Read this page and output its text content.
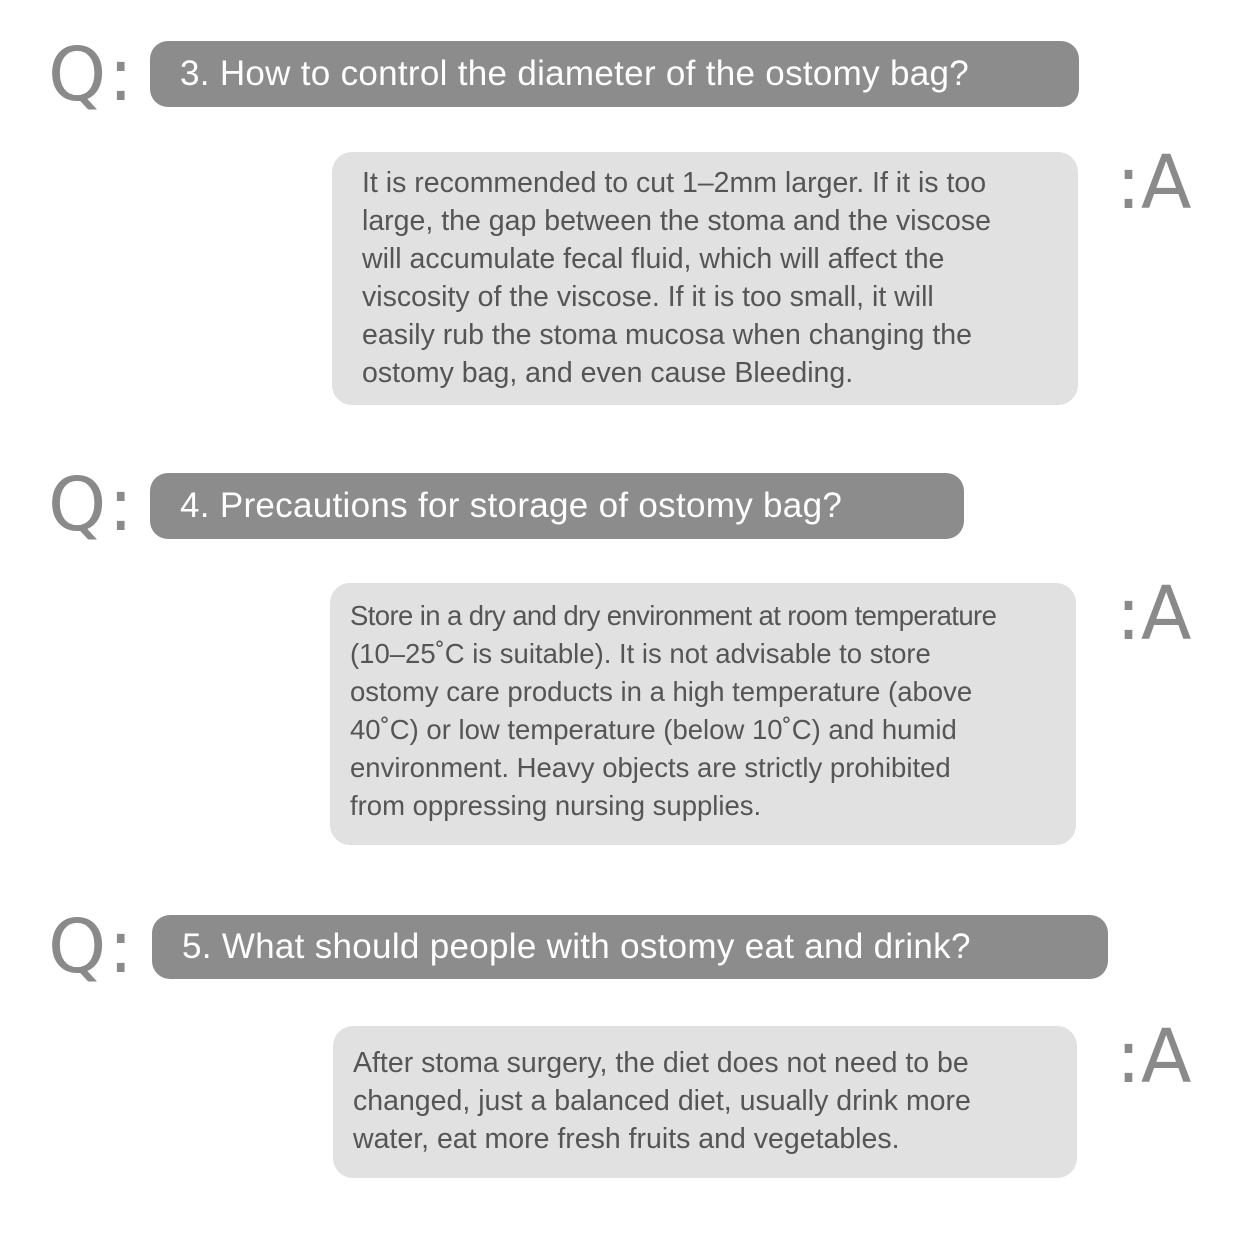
Q:	3. How to control the diameter of the ostomy bag?
It is recommended to cut 1–2mm larger. If it is too
large, the gap between the stoma and the viscose
will accumulate fecal fluid, which will affect the
viscosity of the viscose. If it is too small, it will
easily rub the stoma mucosa when changing the
ostomy bag, and even cause Bleeding.
:A
Q:	4. Precautions for storage of ostomy bag?
Store in a dry and dry environment at room temperature
(10–25˚C is suitable). It is not advisable to store
ostomy care products in a high temperature (above
40˚C) or low temperature (below 10˚C) and humid
environment. Heavy objects are strictly prohibited
from oppressing nursing supplies.
:A
Q:	5. What should people with ostomy eat and drink?
After stoma surgery, the diet does not need to be
changed, just a balanced diet, usually drink more
water, eat more fresh fruits and vegetables.
:A
